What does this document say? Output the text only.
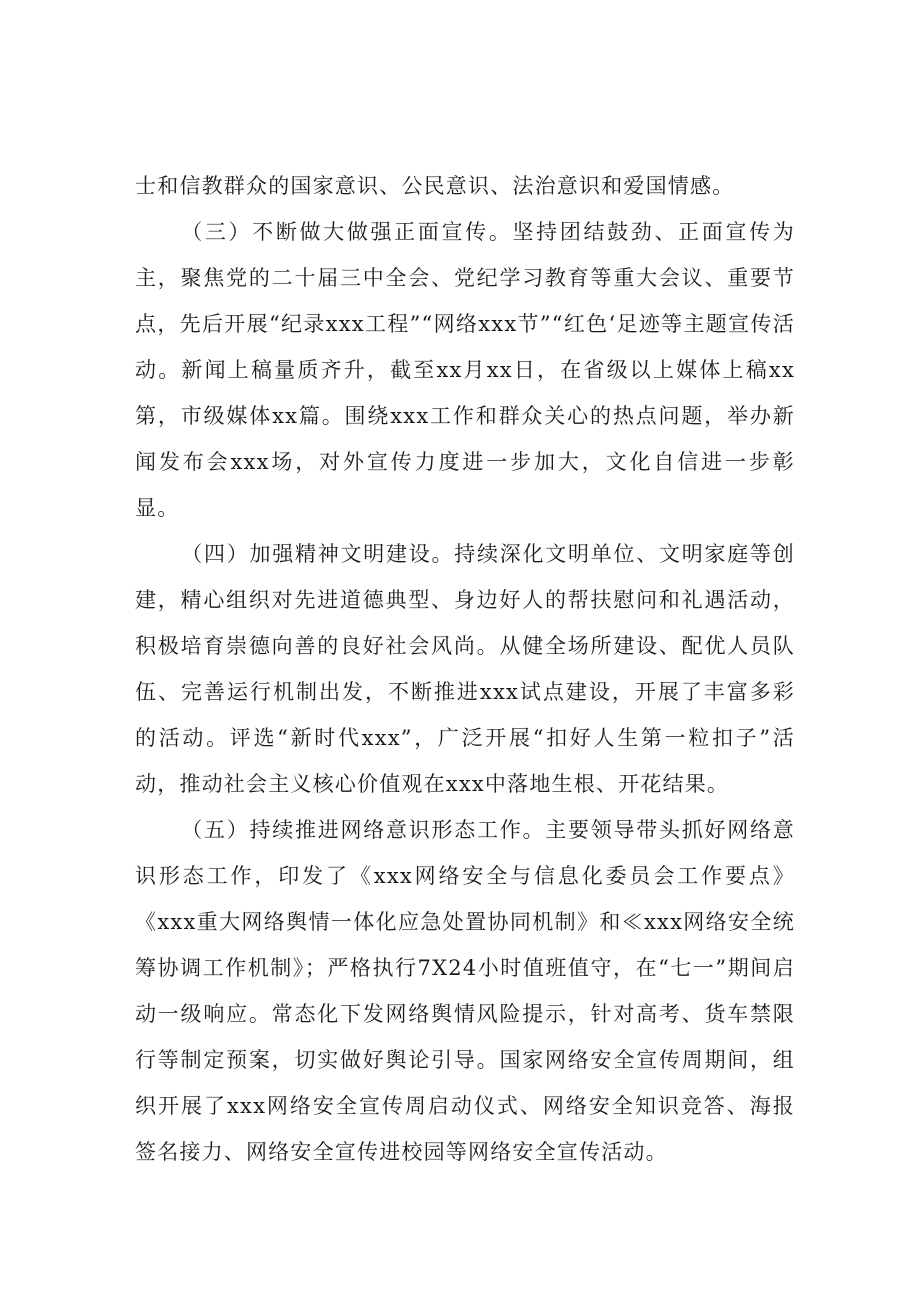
士和信教群众的国家意识、公民意识、法治意识和爱国情感。

（三）不断做大做强正面宣传。坚持团结鼓劲、正面宣传为主，聚焦党的二十届三中全会、党纪学习教育等重大会议、重要节点，先后开展“纪录xxx工程”“网络xxx节”“红色‘足迹等主题宣传活动。新闻上稿量质齐升，截至xx月xx日，在省级以上媒体上稿xx第，市级媒体xx篇。围绕xxx工作和群众关心的热点问题，举办新闻发布会xxx场，对外宣传力度进一步加大，文化自信进一步彰显。

（四）加强精神文明建设。持续深化文明单位、文明家庭等创建，精心组织对先进道德典型、身边好人的帮扶慰问和礼遇活动，积极培育崇德向善的良好社会风尚。从健全场所建设、配优人员队伍、完善运行机制出发，不断推进xxx试点建设，开展了丰富多彩的活动。评选“新时代xxx”，广泛开展“扣好人生第一粒扣子”活动，推动社会主义核心价值观在xxx中落地生根、开花结果。

（五）持续推进网络意识形态工作。主要领导带头抓好网络意识形态工作，印发了《xxx网络安全与信息化委员会工作要点》《xxx重大网络舆情一体化应急处置协同机制》和≪xxx网络安全统筹协调工作机制》；严格执行7X24小时值班值守，在“七一”期间启动一级响应。常态化下发网络舆情风险提示，针对高考、货车禁限行等制定预案，切实做好舆论引导。国家网络安全宣传周期间，组织开展了xxx网络安全宣传周启动仪式、网络安全知识竞答、海报签名接力、网络安全宣传进校园等网络安全宣传活动。
